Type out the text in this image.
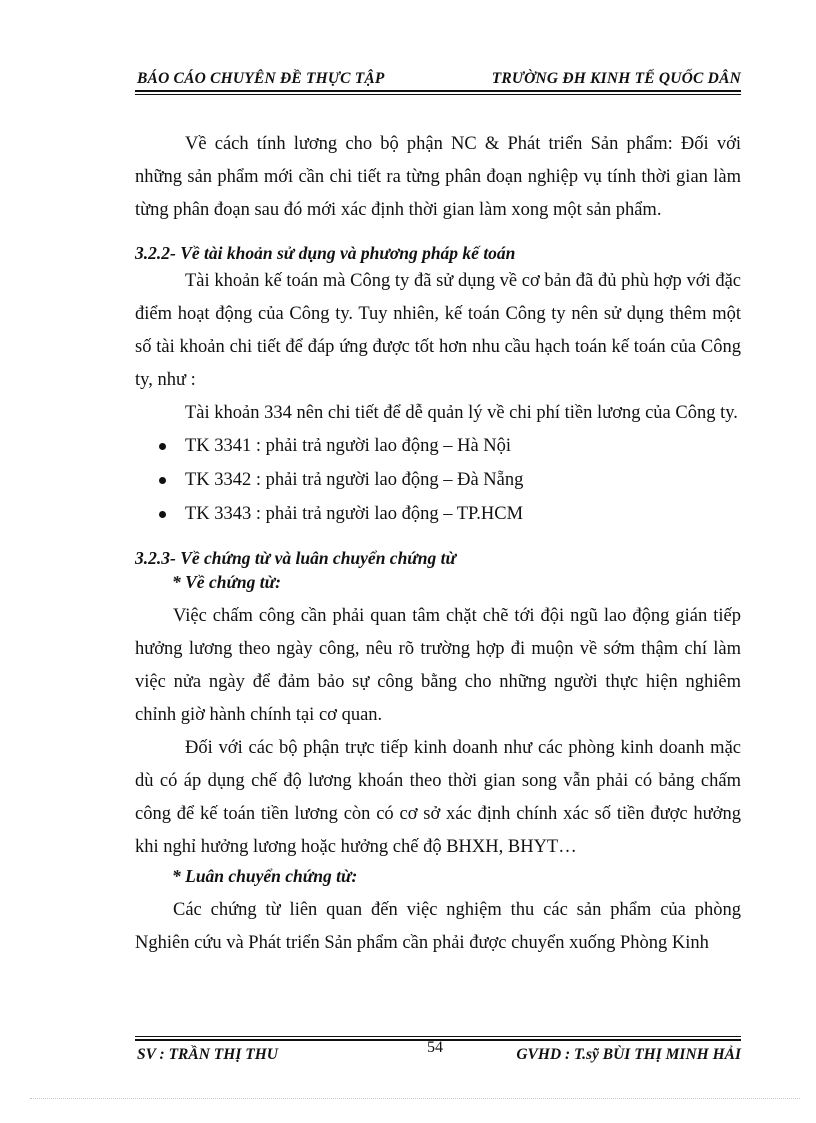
BÁO CÁO CHUYÊN ĐỀ THỰC TẬP	TRƯỜNG ĐH KINH TẾ QUỐC DÂN

Về cách tính lương cho bộ phận NC & Phát triển Sản phẩm: Đối với những sản phẩm mới cần chi tiết ra từng phân đoạn nghiệp vụ tính thời gian làm từng phân đoạn sau đó mới xác định thời gian làm xong một sản phẩm.

3.2.2- Về tài khoản sử dụng và phương pháp kế toán

Tài khoản kế toán mà Công ty đã sử dụng về cơ bản đã đủ phù hợp với đặc điểm hoạt động của Công ty. Tuy nhiên, kế toán Công ty nên sử dụng thêm một số tài khoản chi tiết để đáp ứng được tốt hơn nhu cầu hạch toán kế toán của Công ty, như :

Tài khoản 334 nên chi tiết để dễ quản lý về chi phí tiền lương của Công ty.

TK 3341 : phải trả người lao động – Hà Nội
TK 3342 : phải trả người lao động – Đà Nẵng
TK 3343 : phải trả người lao động – TP.HCM

3.2.3- Về chứng từ và luân chuyển chứng từ

* Về chứng từ:

Việc chấm công cần phải quan tâm chặt chẽ tới đội ngũ lao động gián tiếp hưởng lương theo ngày công, nêu rõ trường hợp đi muộn về sớm thậm chí làm việc nửa ngày để đảm bảo sự công bằng cho những người thực hiện nghiêm chỉnh giờ hành chính tại cơ quan.

Đối với các bộ phận trực tiếp kinh doanh như các phòng kinh doanh mặc dù có áp dụng chế độ lương khoán theo thời gian song vẫn phải có bảng chấm công để kế toán tiền lương còn có cơ sở xác định chính xác số tiền được hưởng khi nghỉ hưởng lương hoặc hưởng chế độ BHXH, BHYT…

* Luân chuyển chứng từ:

Các chứng từ liên quan đến việc nghiệm thu các sản phẩm của phòng Nghiên cứu và Phát triển Sản phẩm cần phải được chuyển xuống Phòng Kinh

SV : TRẦN THỊ THU	54	GVHD : T.sỹ BÙI THỊ MINH HẢI
